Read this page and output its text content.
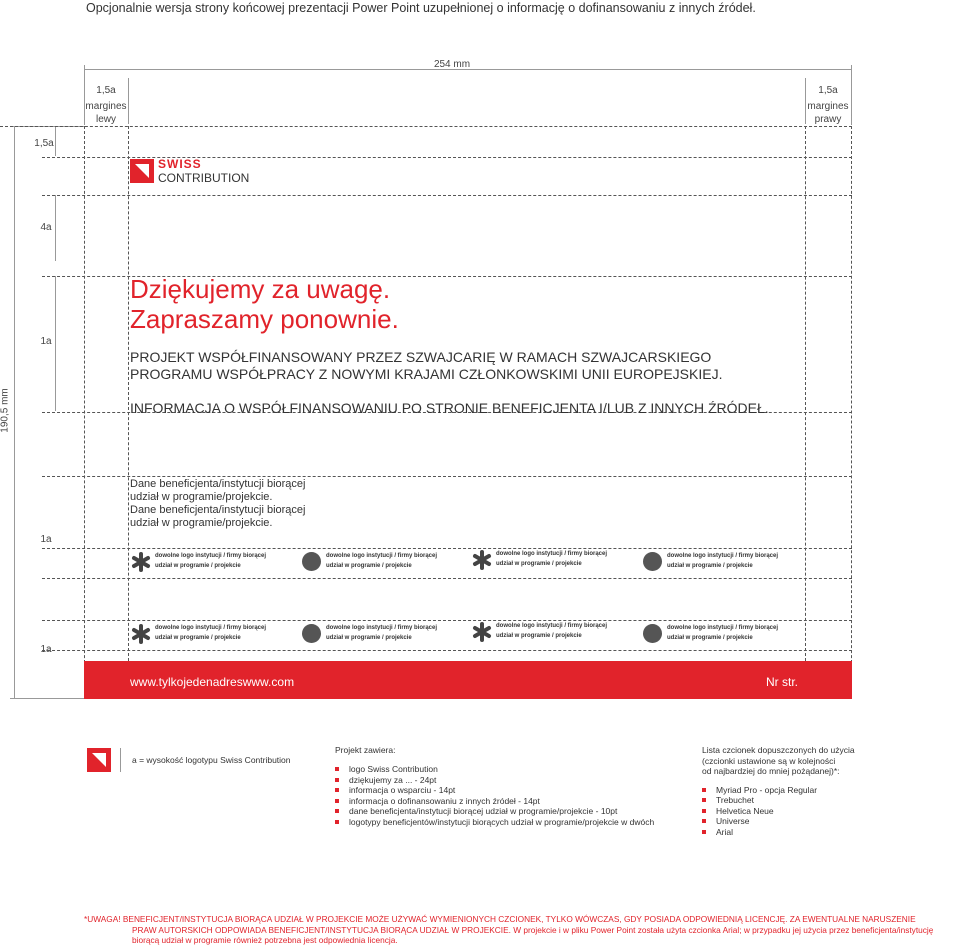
Opcjonalnie wersja strony końcowej prezentacji Power Point uzupełnionej o informację o dofinansowaniu z innych źródeł.
254 mm
1,5a
margines
lewy
1,5a
margines
prawy
190,5 mm
1,5a
4a
1a
1a
1a
SWISS
CONTRIBUTION
Dziękujemy za uwagę.
Zapraszamy ponownie.
PROJEKT WSPÓŁFINANSOWANY PRZEZ SZWAJCARIĘ W RAMACH SZWAJCARSKIEGO
PROGRAMU WSPÓŁPRACY Z NOWYMI KRAJAMI CZŁONKOWSKIMI UNII EUROPEJSKIEJ.
INFORMACJA O WSPÓŁFINANSOWANIU PO STRONIE BENEFICJENTA I/LUB Z INNYCH ŹRÓDEŁ.
Dane beneficjenta/instytucji biorącej
udział w programie/projekcie.
Dane beneficjenta/instytucji biorącej
udział w programie/projekcie.
dowolne logo instytucji / firmy biorącej
udział w programie / projekcie
dowolne logo instytucji / firmy biorącej
udział w programie / projekcie
dowolne logo instytucji / firmy biorącej
udział w programie / projekcie
dowolne logo instytucji / firmy biorącej
udział w programie / projekcie
dowolne logo instytucji / firmy biorącej
udział w programie / projekcie
dowolne logo instytucji / firmy biorącej
udział w programie / projekcie
dowolne logo instytucji / firmy biorącej
udział w programie / projekcie
dowolne logo instytucji / firmy biorącej
udział w programie / projekcie
www.tylkojedenadreswww.com	Nr str.
a = wysokość logotypu Swiss Contribution
Projekt zawiera:
logo Swiss Contribution
dziękujemy za ... - 24pt
informacja o wsparciu - 14pt
informacja o dofinansowaniu z innych źródeł - 14pt
dane beneficjenta/instytucji biorącej udział w programie/projekcie - 10pt
logotypy beneficjentów/instytucji biorących udział w programie/projekcie w dwóch
Lista czcionek dopuszczonych do użycia
(czcionki ustawione są w kolejności
od najbardziej do mniej pożądanej)*:
Myriad Pro - opcja Regular
Trebuchet
Helvetica Neue
Universe
Arial
*UWAGA! BENEFICJENT/INSTYTUCJA BIORĄCA UDZIAŁ W PROJEKCIE MOŻE UŻYWAĆ WYMIENIONYCH CZCIONEK, TYLKO WÓWCZAS, GDY POSIADA ODPOWIEDNIĄ LICENCJĘ. ZA EWENTUALNE NARUSZENIE
PRAW AUTORSKICH ODPOWIADA BENEFICJENT/INSTYTUCJA BIORĄCA UDZIAŁ W PROJEKCIE. W projekcie i w pliku Power Point została użyta czcionka Arial; w przypadku jej użycia przez beneficjenta/instytucję
biorącą udział w programie również potrzebna jest odpowiednia licencja.
